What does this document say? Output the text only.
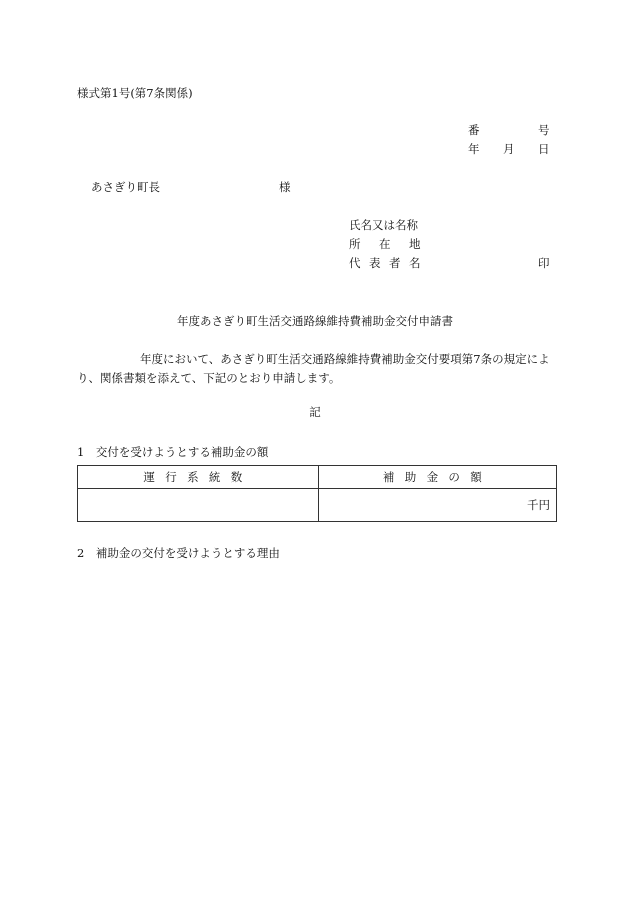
様式第1号(第7条関係)
番	号
年 月 日
あさぎり町長	様
氏名又は名称
所 在 地
代 表 者 名	印
年度あさぎり町生活交通路線維持費補助金交付申請書
年度において、あさぎり町生活交通路線維持費補助金交付要項第7条の規定により、関係書類を添えて、下記のとおり申請します。
記
1　交付を受けようとする補助金の額
運行系統数	補助金の額
	千円
2　補助金の交付を受けようとする理由
